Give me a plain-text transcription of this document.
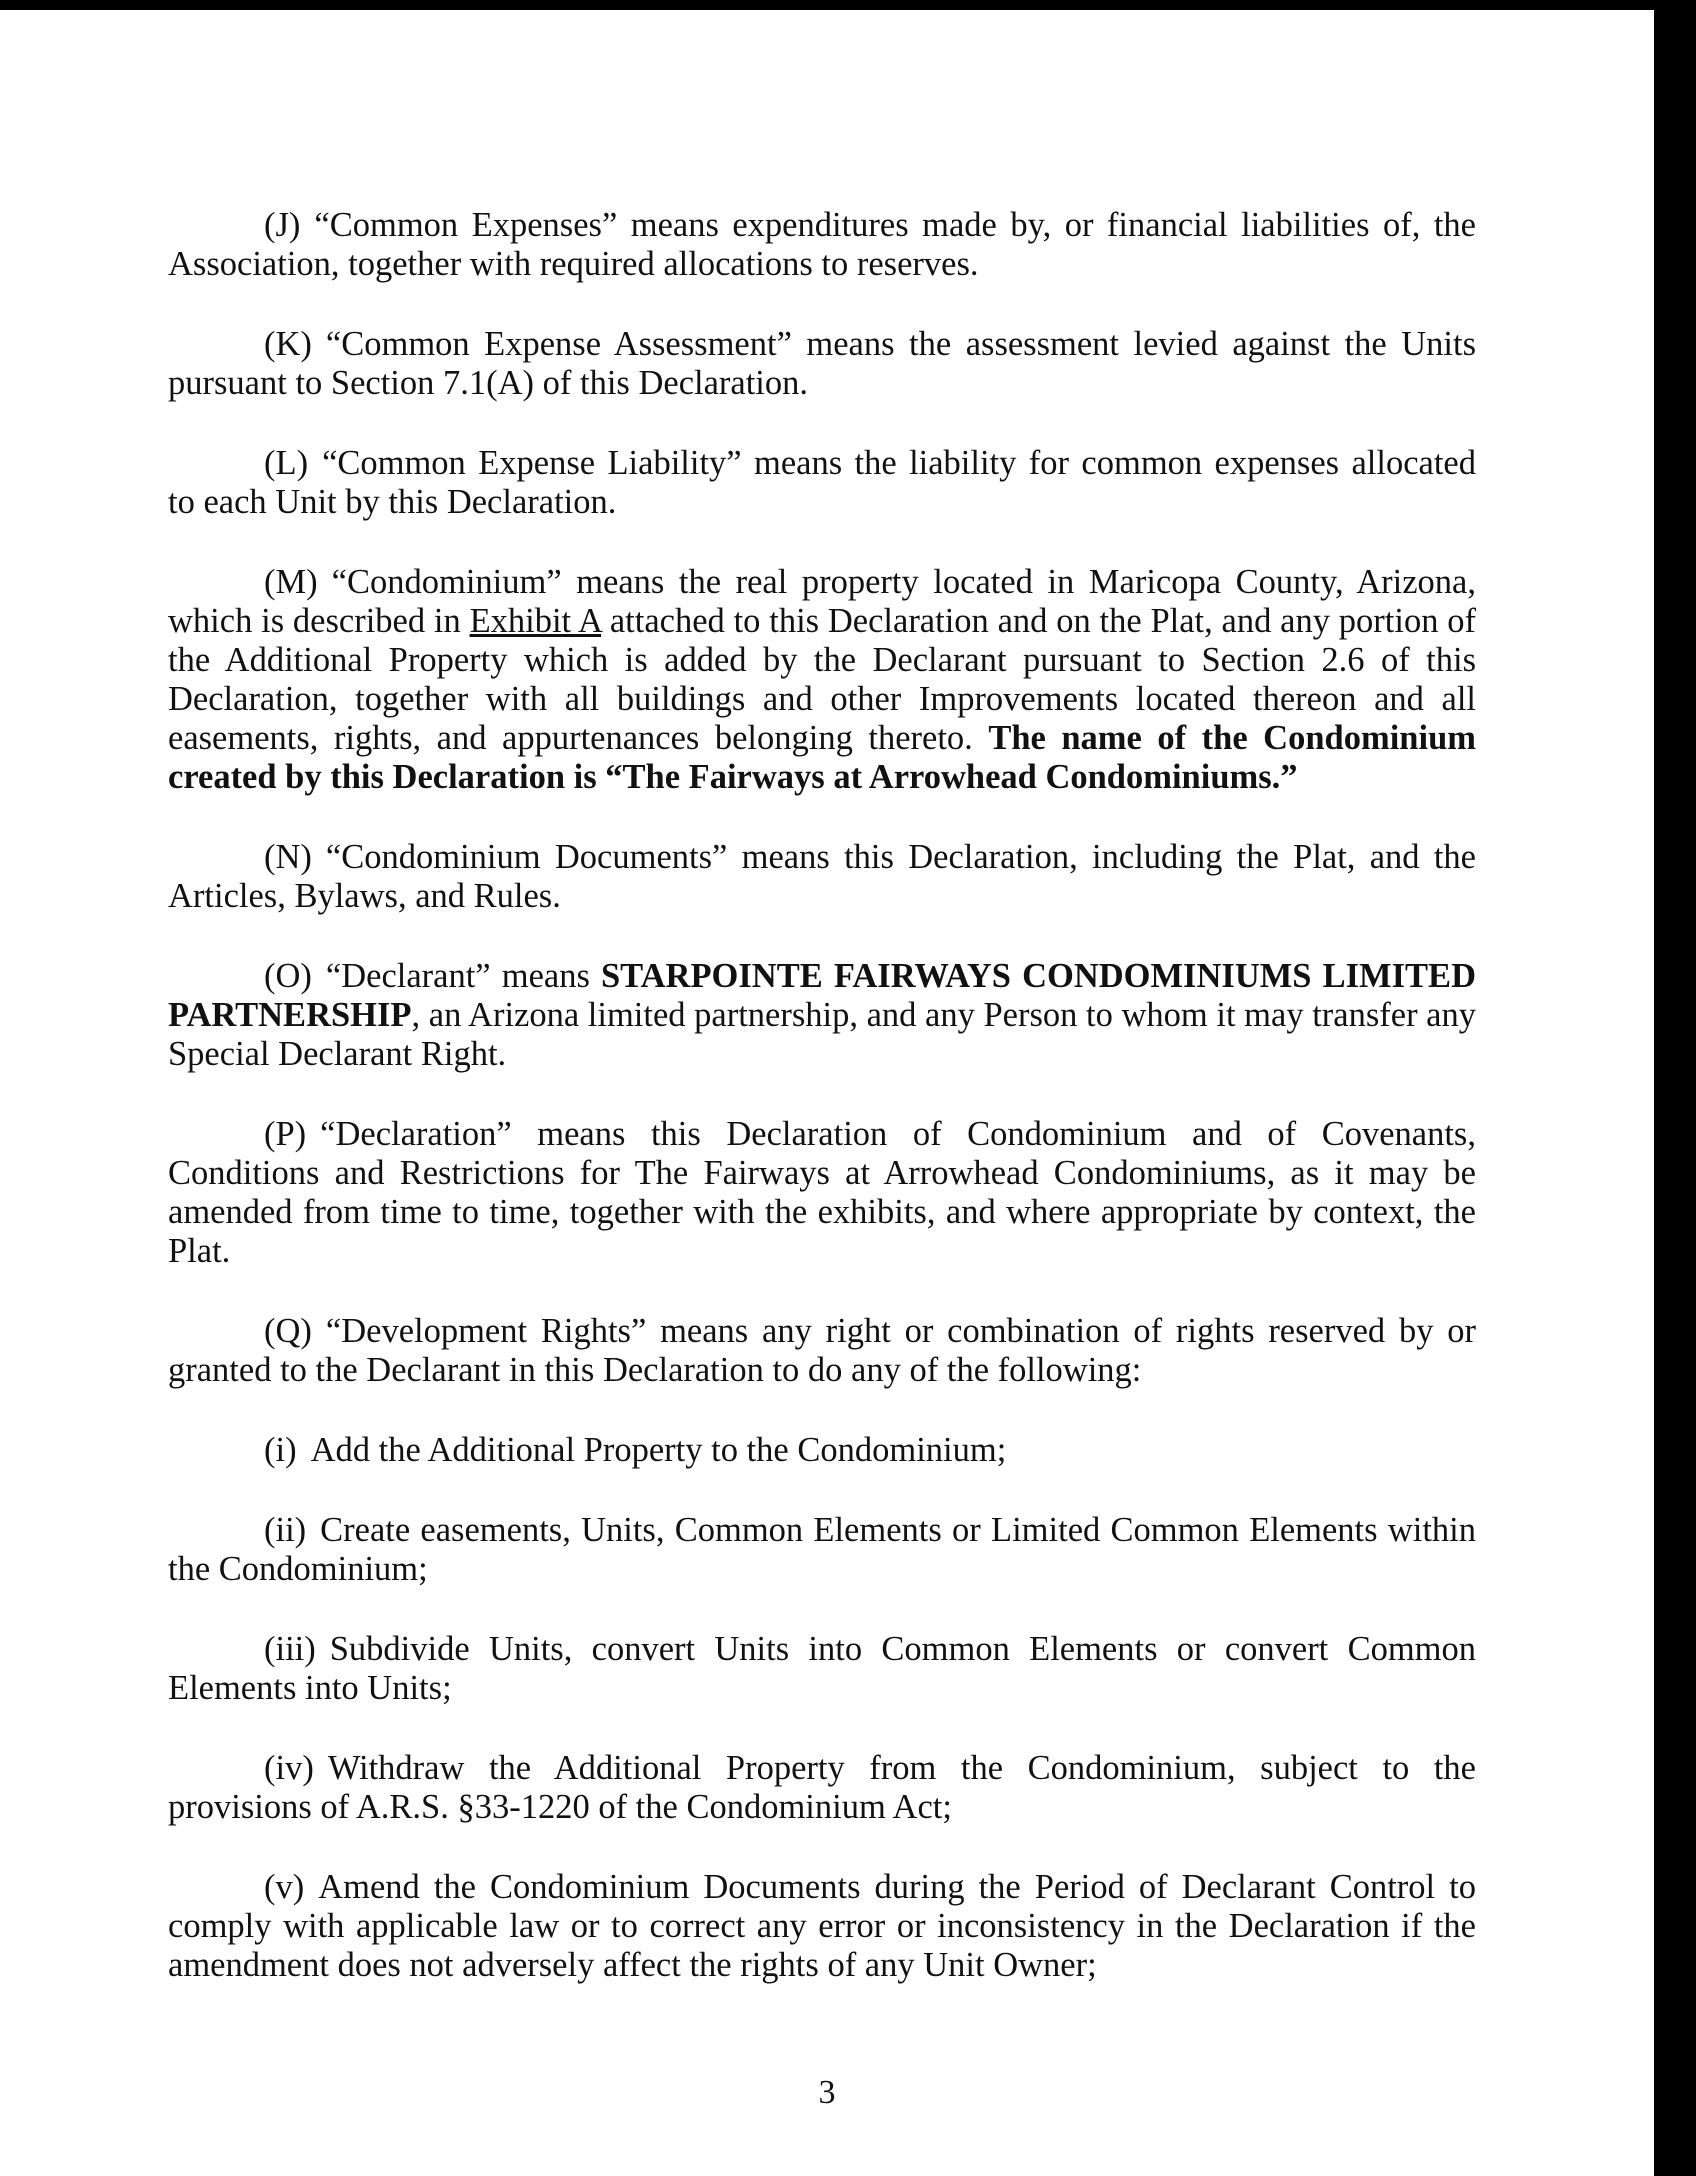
(J) “Common Expenses” means expenditures made by, or financial liabilities of, the Association, together with required allocations to reserves.

(K) “Common Expense Assessment” means the assessment levied against the Units pursuant to Section 7.1(A) of this Declaration.

(L) “Common Expense Liability” means the liability for common expenses allocated to each Unit by this Declaration.

(M) “Condominium” means the real property located in Maricopa County, Arizona, which is described in Exhibit A attached to this Declaration and on the Plat, and any portion of the Additional Property which is added by the Declarant pursuant to Section 2.6 of this Declaration, together with all buildings and other Improvements located thereon and all easements, rights, and appurtenances belonging thereto. The name of the Condominium created by this Declaration is “The Fairways at Arrowhead Condominiums.”

(N) “Condominium Documents” means this Declaration, including the Plat, and the Articles, Bylaws, and Rules.

(O) “Declarant” means STARPOINTE FAIRWAYS CONDOMINIUMS LIMITED PARTNERSHIP, an Arizona limited partnership, and any Person to whom it may transfer any Special Declarant Right.

(P) “Declaration” means this Declaration of Condominium and of Covenants, Conditions and Restrictions for The Fairways at Arrowhead Condominiums, as it may be amended from time to time, together with the exhibits, and where appropriate by context, the Plat.

(Q) “Development Rights” means any right or combination of rights reserved by or granted to the Declarant in this Declaration to do any of the following:

(i) Add the Additional Property to the Condominium;

(ii) Create easements, Units, Common Elements or Limited Common Elements within the Condominium;

(iii) Subdivide Units, convert Units into Common Elements or convert Common Elements into Units;

(iv) Withdraw the Additional Property from the Condominium, subject to the provisions of A.R.S. §33-1220 of the Condominium Act;

(v) Amend the Condominium Documents during the Period of Declarant Control to comply with applicable law or to correct any error or inconsistency in the Declaration if the amendment does not adversely affect the rights of any Unit Owner;

3
